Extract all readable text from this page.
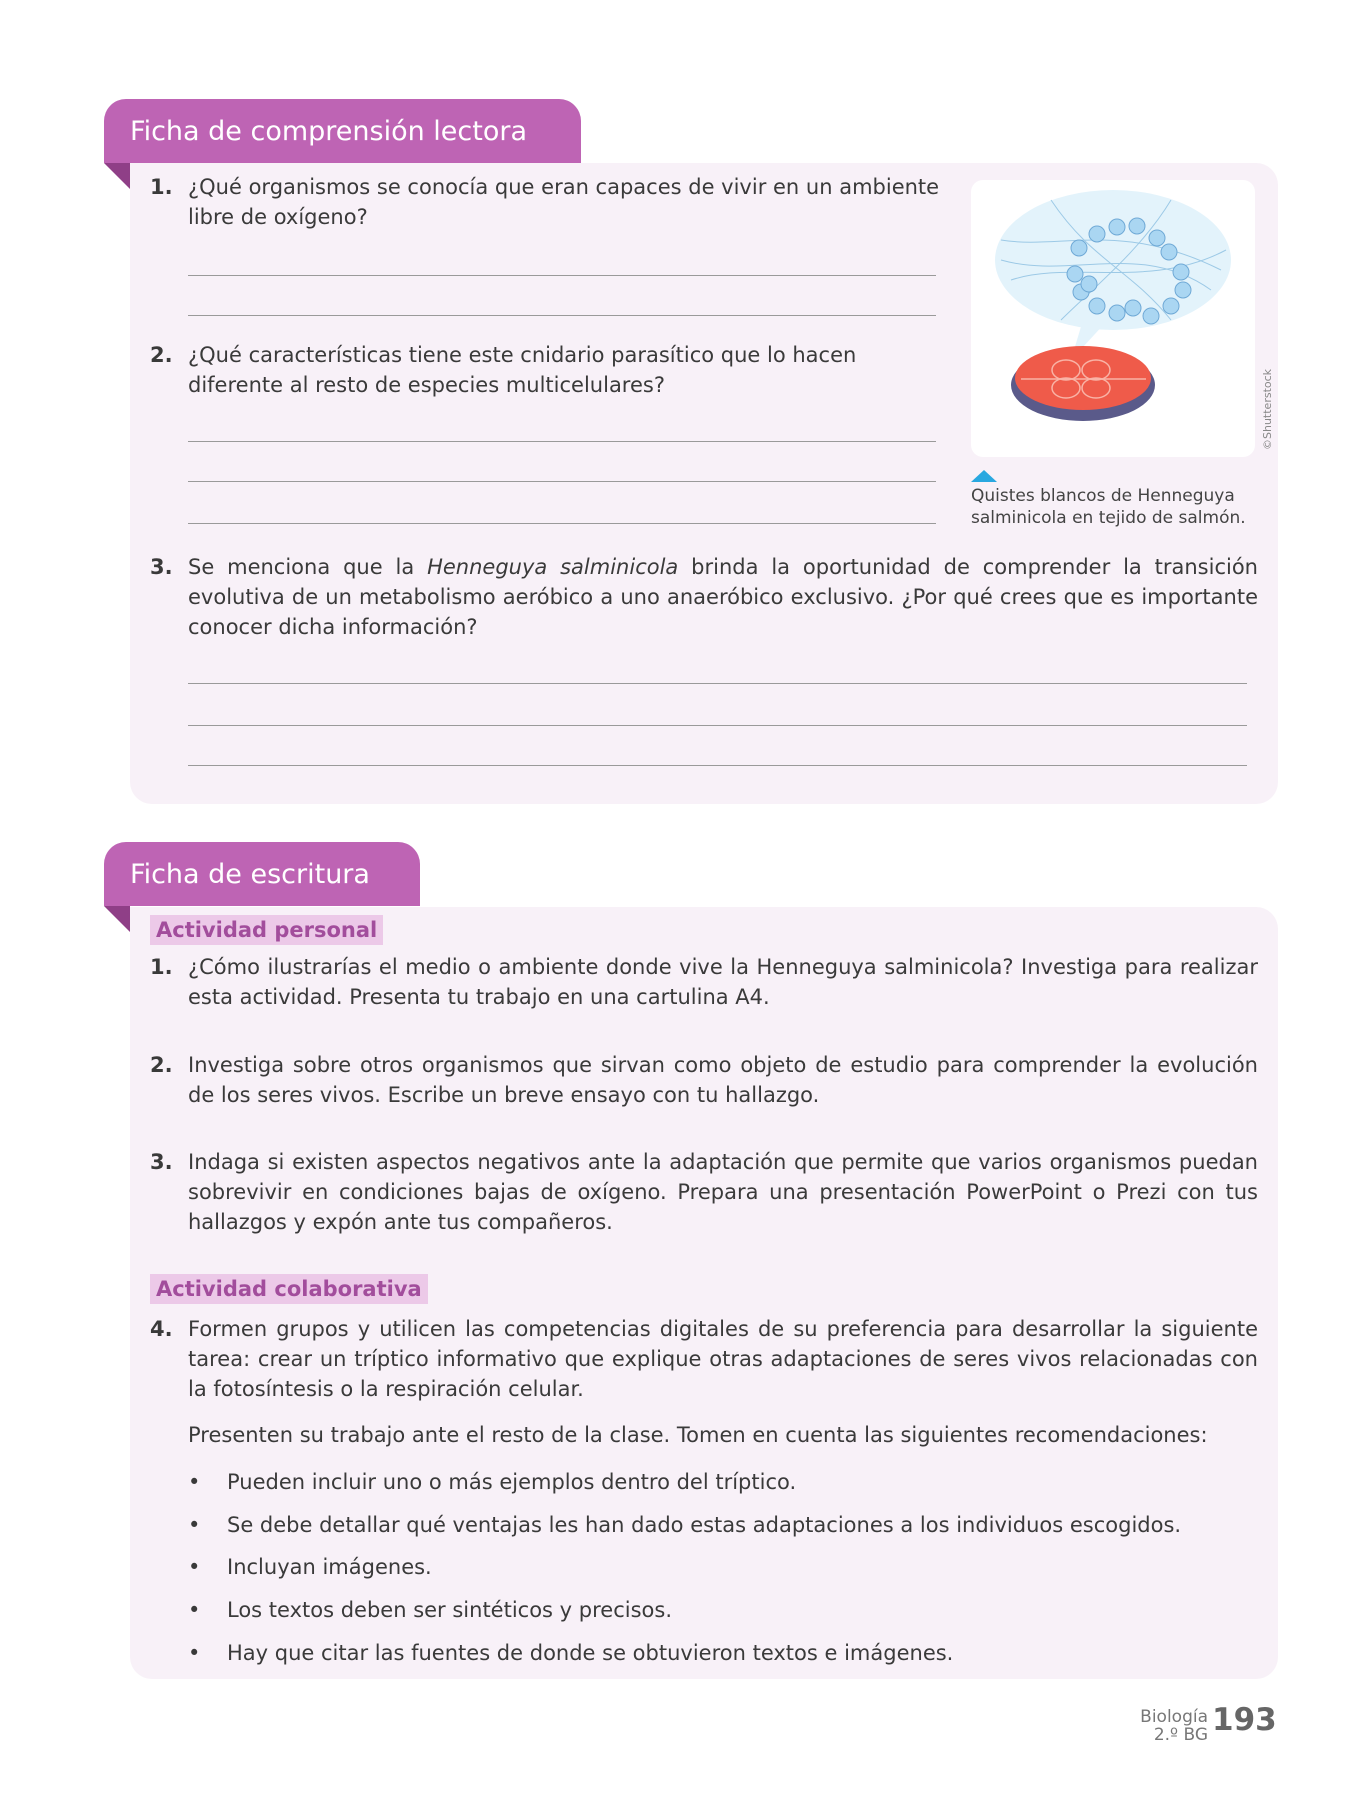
Ficha de comprensión lectora
1. ¿Qué organismos se conocía que eran capaces de vivir en un ambiente libre de oxígeno?
2. ¿Qué características tiene este cnidario parasítico que lo hacen diferente al resto de especies multicelulares?
3. Se menciona que la Henneguya salminicola brinda la oportunidad de comprender la transición evolutiva de un metabolismo aeróbico a uno anaeróbico exclusivo. ¿Por qué crees que es importante conocer dicha información?
©Shutterstock
Quistes blancos de Henneguya salminicola en tejido de salmón.
Ficha de escritura
Actividad personal
1. ¿Cómo ilustrarías el medio o ambiente donde vive la Henneguya salminicola? Investiga para realizar esta actividad. Presenta tu trabajo en una cartulina A4.
2. Investiga sobre otros organismos que sirvan como objeto de estudio para comprender la evolución de los seres vivos. Escribe un breve ensayo con tu hallazgo.
3. Indaga si existen aspectos negativos ante la adaptación que permite que varios organismos puedan sobrevivir en condiciones bajas de oxígeno. Prepara una presentación PowerPoint o Prezi con tus hallazgos y expón ante tus compañeros.
Actividad colaborativa
4. Formen grupos y utilicen las competencias digitales de su preferencia para desarrollar la siguiente tarea: crear un tríptico informativo que explique otras adaptaciones de seres vivos relacionadas con la fotosíntesis o la respiración celular.
Presenten su trabajo ante el resto de la clase. Tomen en cuenta las siguientes recomendaciones:
• Pueden incluir uno o más ejemplos dentro del tríptico.
• Se debe detallar qué ventajas les han dado estas adaptaciones a los individuos escogidos.
• Incluyan imágenes.
• Los textos deben ser sintéticos y precisos.
• Hay que citar las fuentes de donde se obtuvieron textos e imágenes.
Biología
2.º BG 193
